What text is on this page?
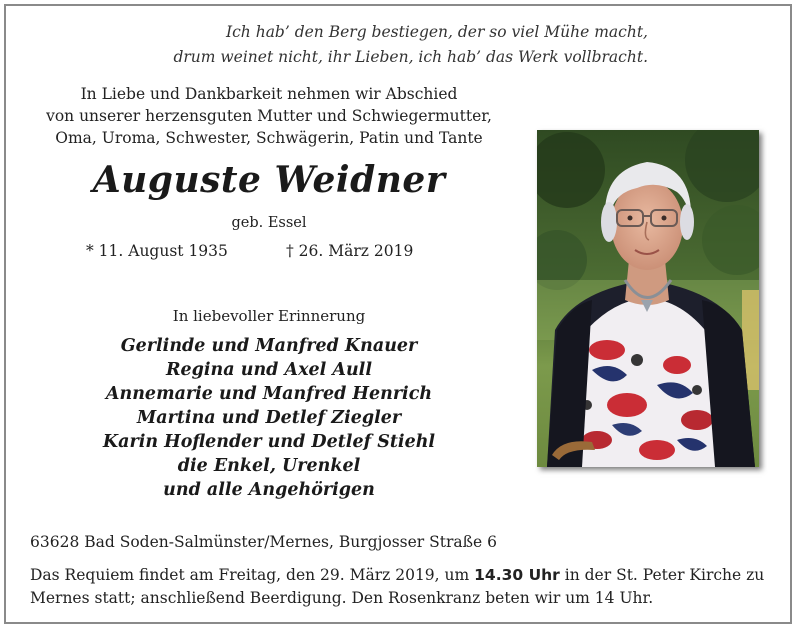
Ich hab’ den Berg bestiegen, der so viel Mühe macht,
drum weinet nicht, ihr Lieben, ich hab’ das Werk vollbracht.
In Liebe und Dankbarkeit nehmen wir Abschied
von unserer herzensguten Mutter und Schwiegermutter,
Oma, Uroma, Schwester, Schwägerin, Patin und Tante
Auguste Weidner
geb. Essel
* 11. August 1935	† 26. März 2019
In liebevoller Erinnerung
Gerlinde und Manfred Knauer
Regina und Axel Aull
Annemarie und Manfred Henrich
Martina und Detlef Ziegler
Karin Hoflender und Detlef Stiehl
die Enkel, Urenkel
und alle Angehörigen
63628 Bad Soden-Salmünster/Mernes, Burgjosser Straße 6
Das Requiem findet am Freitag, den 29. März 2019, um 14.30 Uhr in der St. Peter Kirche zu Mernes statt; anschließend Beerdigung. Den Rosenkranz beten wir um 14 Uhr.
